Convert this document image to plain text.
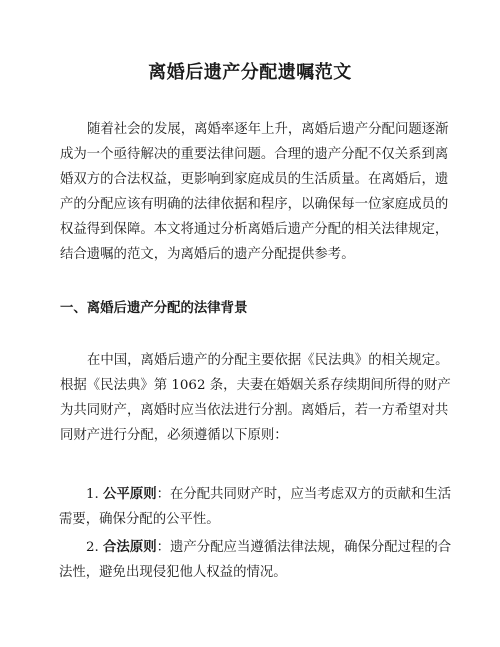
离婚后遗产分配遗嘱范文
随着社会的发展，离婚率逐年上升，离婚后遗产分配问题逐渐
成为一个亟待解决的重要法律问题。合理的遗产分配不仅关系到离
婚双方的合法权益，更影响到家庭成员的生活质量。在离婚后，遗
产的分配应该有明确的法律依据和程序，以确保每一位家庭成员的
权益得到保障。本文将通过分析离婚后遗产分配的相关法律规定，
结合遗嘱的范文，为离婚后的遗产分配提供参考。
一、离婚后遗产分配的法律背景
在中国，离婚后遗产的分配主要依据《民法典》的相关规定。
根据《民法典》第 1062 条，夫妻在婚姻关系存续期间所得的财产
为共同财产，离婚时应当依法进行分割。离婚后，若一方希望对共
同财产进行分配，必须遵循以下原则：
1. 公平原则：在分配共同财产时，应当考虑双方的贡献和生活
需要，确保分配的公平性。
2. 合法原则：遗产分配应当遵循法律法规，确保分配过程的合
法性，避免出现侵犯他人权益的情况。
